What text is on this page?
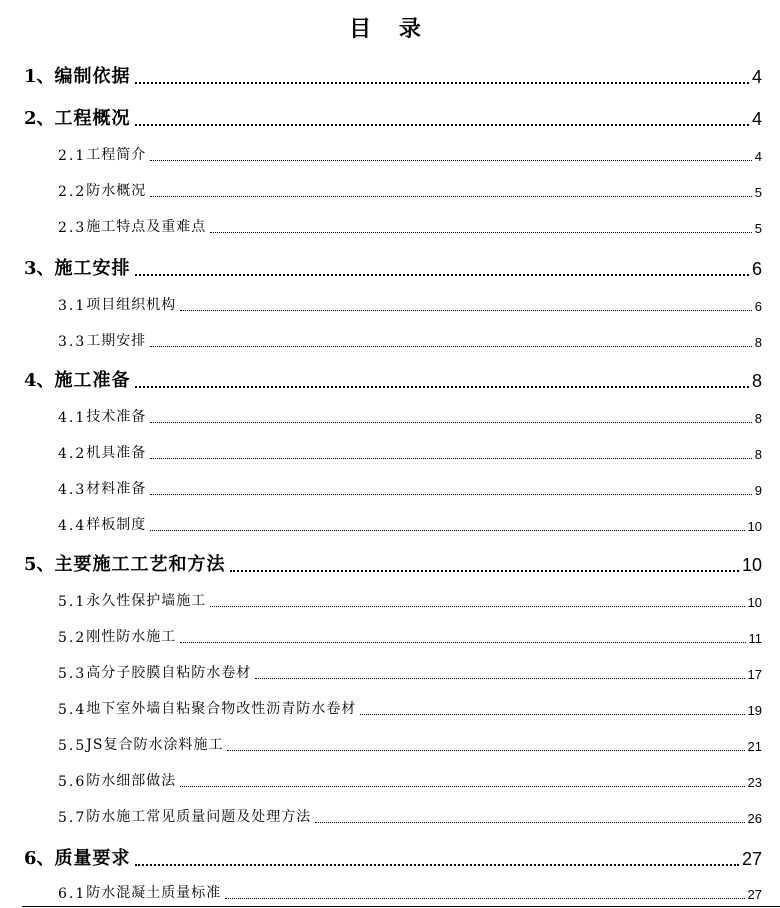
目 录
1、 编制依据	4
2、 工程概况	4
2.1 工程简介	4
2.2 防水概况	5
2.3 施工特点及重难点	5
3、 施工安排	6
3.1 项目组织机构	6
3.3 工期安排	8
4、 施工准备	8
4.1 技术准备	8
4.2 机具准备	8
4.3 材料准备	9
4.4 样板制度	10
5、 主要施工工艺和方法	10
5.1 永久性保护墙施工	10
5.2 刚性防水施工	11
5.3 高分子胶膜自粘防水卷材	17
5.4 地下室外墙自粘聚合物改性沥青防水卷材	19
5.5 JS复合防水涂料施工	21
5.6 防水细部做法	23
5.7 防水施工常见质量问题及处理方法	26
6、 质量要求	27
6.1 防水混凝土质量标准	27
